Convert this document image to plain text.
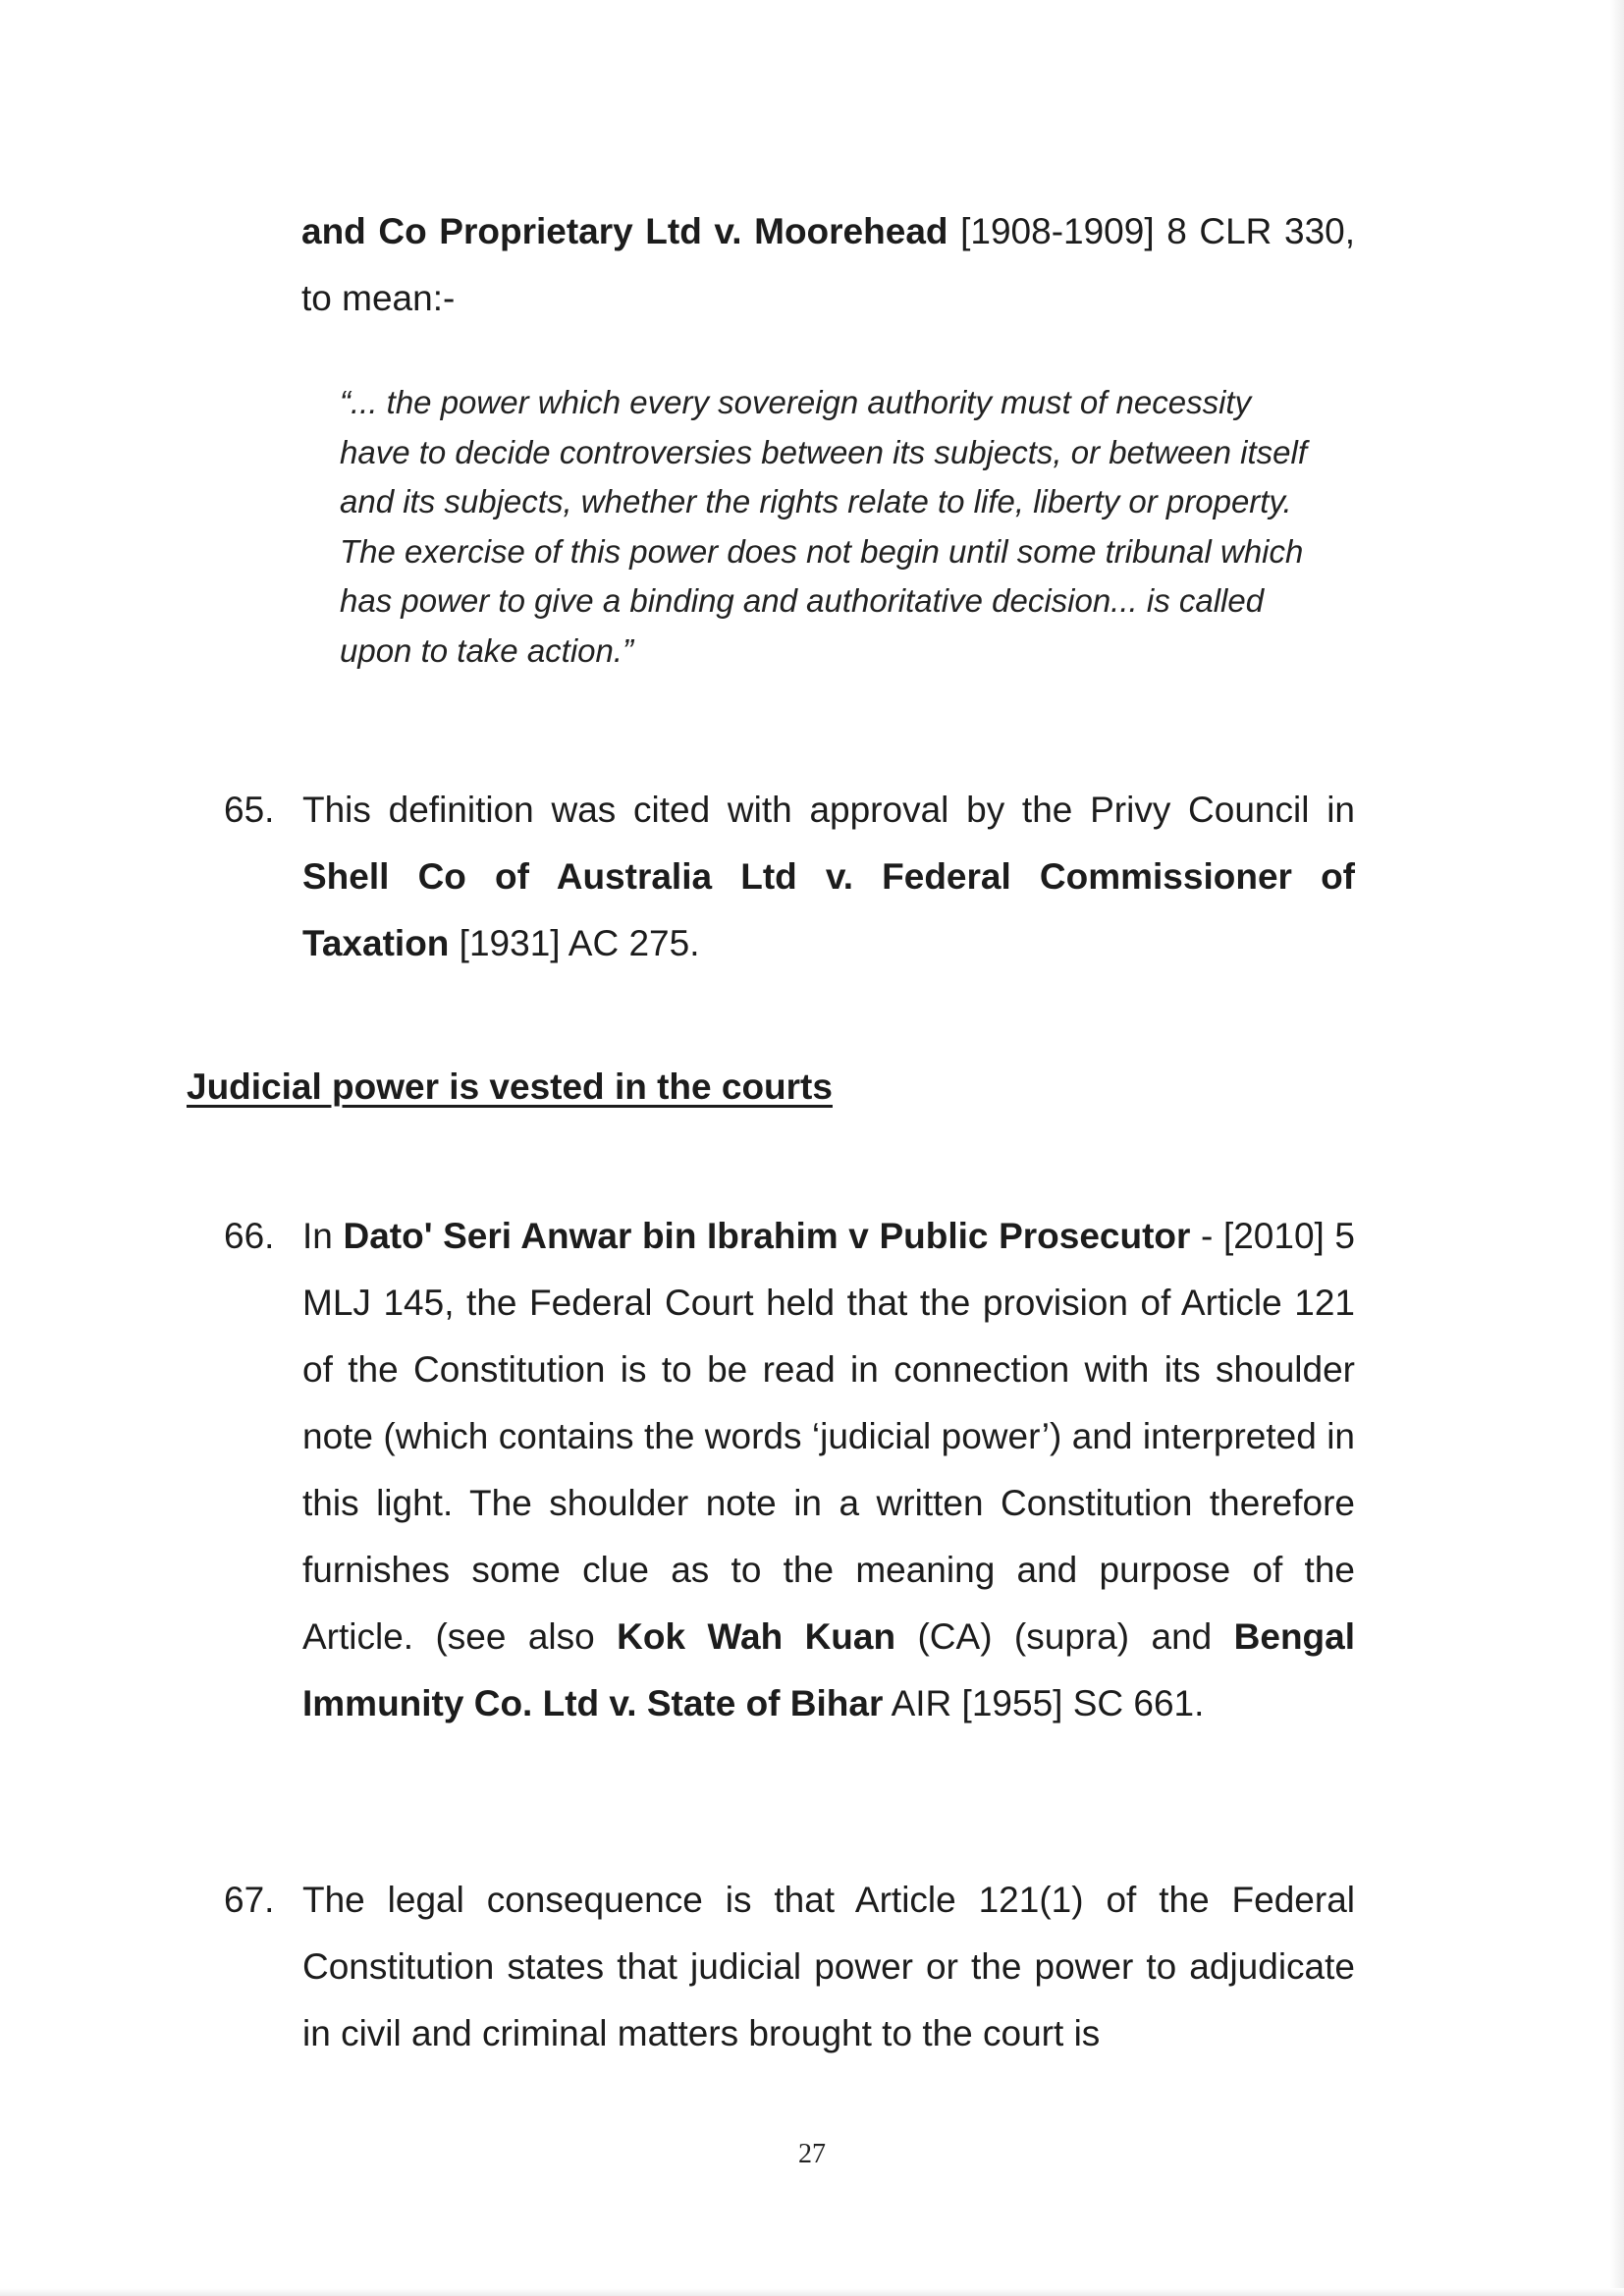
and Co Proprietary Ltd v. Moorehead [1908-1909] 8 CLR 330, to mean:-
“... the power which every sovereign authority must of necessity have to decide controversies between its subjects, or between itself and its subjects, whether the rights relate to life, liberty or property. The exercise of this power does not begin until some tribunal which has power to give a binding and authoritative decision... is called upon to take action.”
65. This definition was cited with approval by the Privy Council in Shell Co of Australia Ltd v. Federal Commissioner of Taxation [1931] AC 275.
Judicial power is vested in the courts
66. In Dato' Seri Anwar bin Ibrahim v Public Prosecutor - [2010] 5 MLJ 145, the Federal Court held that the provision of Article 121 of the Constitution is to be read in connection with its shoulder note (which contains the words ‘judicial power’) and interpreted in this light. The shoulder note in a written Constitution therefore furnishes some clue as to the meaning and purpose of the Article. (see also Kok Wah Kuan (CA) (supra) and Bengal Immunity Co. Ltd v. State of Bihar AIR [1955] SC 661.
67. The legal consequence is that Article 121(1) of the Federal Constitution states that judicial power or the power to adjudicate in civil and criminal matters brought to the court is
27
